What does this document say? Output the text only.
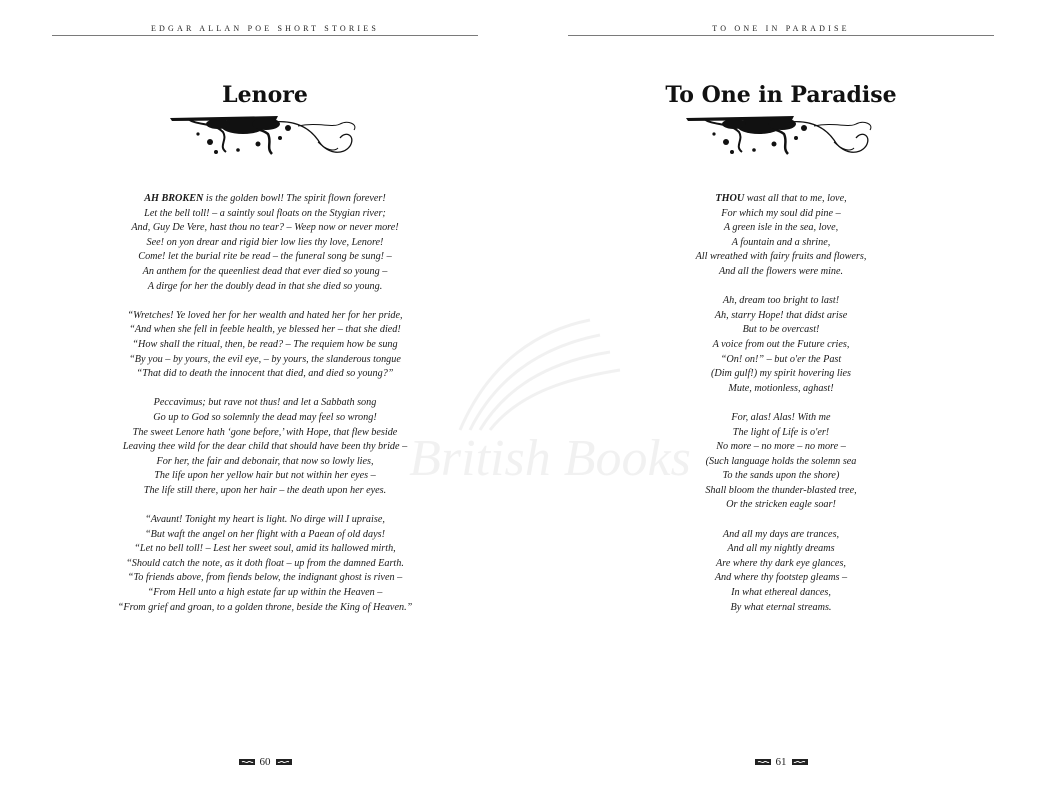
EDGAR ALLAN POE SHORT STORIES
Lenore
AH BROKEN is the golden bowl! The spirit flown forever!
Let the bell toll! – a saintly soul floats on the Stygian river;
And, Guy De Vere, hast thou no tear? – Weep now or never more!
See! on yon drear and rigid bier low lies thy love, Lenore!
Come! let the burial rite be read – the funeral song be sung! –
An anthem for the queenliest dead that ever died so young –
A dirge for her the doubly dead in that she died so young.
“Wretches! Ye loved her for her wealth and hated her for her pride,
“And when she fell in feeble health, ye blessed her – that she died!
“How shall the ritual, then, be read? – The requiem how be sung
“By you – by yours, the evil eye, – by yours, the slanderous tongue
“That did to death the innocent that died, and died so young?”
Peccavimus; but rave not thus! and let a Sabbath song
Go up to God so solemnly the dead may feel so wrong!
The sweet Lenore hath ‘gone before,’ with Hope, that flew beside
Leaving thee wild for the dear child that should have been thy bride –
For her, the fair and debonair, that now so lowly lies,
The life upon her yellow hair but not within her eyes –
The life still there, upon her hair – the death upon her eyes.
“Avaunt! Tonight my heart is light. No dirge will I upraise,
“But waft the angel on her flight with a Paean of old days!
“Let no bell toll! – Lest her sweet soul, amid its hallowed mirth,
“Should catch the note, as it doth float – up from the damned Earth.
“To friends above, from fiends below, the indignant ghost is riven –
“From Hell unto a high estate far up within the Heaven –
“From grief and groan, to a golden throne, beside the King of Heaven.”
60
TO ONE IN PARADISE
To One in Paradise
THOU wast all that to me, love,
For which my soul did pine –
A green isle in the sea, love,
A fountain and a shrine,
All wreathed with fairy fruits and flowers,
And all the flowers were mine.
Ah, dream too bright to last!
Ah, starry Hope! that didst arise
But to be overcast!
A voice from out the Future cries,
“On! on!” – but o'er the Past
(Dim gulf!) my spirit hovering lies
Mute, motionless, aghast!
For, alas! Alas! With me
The light of Life is o'er!
No more – no more – no more –
(Such language holds the solemn sea
To the sands upon the shore)
Shall bloom the thunder-blasted tree,
Or the stricken eagle soar!
And all my days are trances,
And all my nightly dreams
Are where thy dark eye glances,
And where thy footstep gleams –
In what ethereal dances,
By what eternal streams.
61
British Books
